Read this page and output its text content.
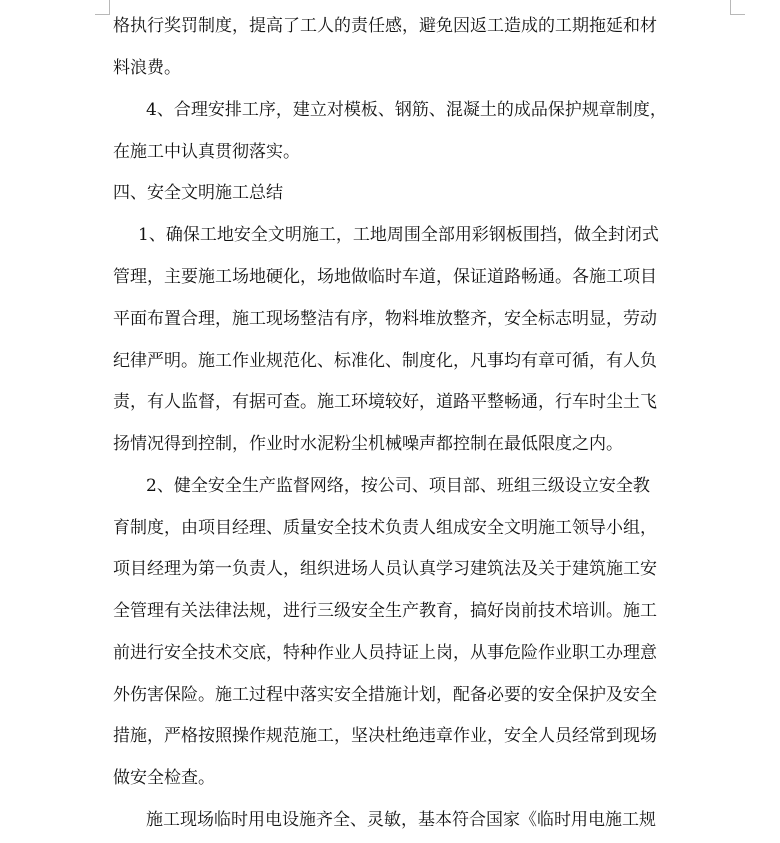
格执行奖罚制度，提高了工人的责任感，避免因返工造成的工期拖延和材
料浪费。
4、合理安排工序，建立对模板、钢筋、混凝土的成品保护规章制度，
在施工中认真贯彻落实。
四、安全文明施工总结
1、确保工地安全文明施工，工地周围全部用彩钢板围挡，做全封闭式
管理，主要施工场地硬化，场地做临时车道，保证道路畅通。各施工项目
平面布置合理，施工现场整洁有序，物料堆放整齐，安全标志明显，劳动
纪律严明。施工作业规范化、标准化、制度化，凡事均有章可循，有人负
责，有人监督，有据可查。施工环境较好，道路平整畅通，行车时尘土飞
扬情况得到控制，作业时水泥粉尘机械噪声都控制在最低限度之内。
2、健全安全生产监督网络，按公司、项目部、班组三级设立安全教
育制度，由项目经理、质量安全技术负责人组成安全文明施工领导小组，
项目经理为第一负责人，组织进场人员认真学习建筑法及关于建筑施工安
全管理有关法律法规，进行三级安全生产教育，搞好岗前技术培训。施工
前进行安全技术交底，特种作业人员持证上岗，从事危险作业职工办理意
外伤害保险。施工过程中落实安全措施计划，配备必要的安全保护及安全
措施，严格按照操作规范施工，坚决杜绝违章作业，安全人员经常到现场
做安全检查。
施工现场临时用电设施齐全、灵敏，基本符合国家《临时用电施工规
